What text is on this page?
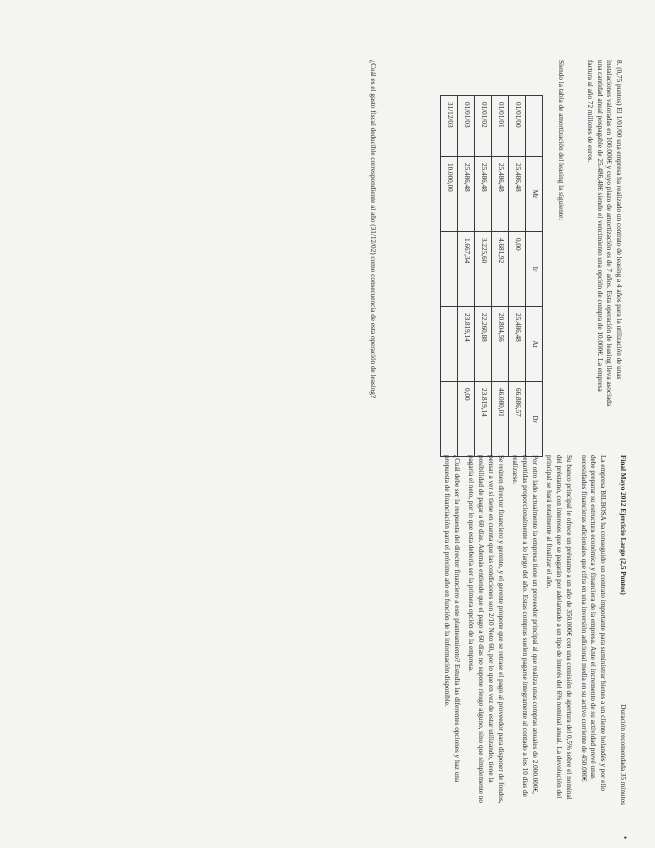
8. (0,75 puntos) El 1/01/00 una empresa ha realizado un contrato de leasing a 4 años para la utilización de unas instalaciones valoradas en 100.000€ y cuyo plazo de amortización es de 7 años. Esta operación de leasing lleva asociada una cantidad anual pospagable de 25.486,48€ siendo el vencimiento una opción de compra de 10.000€. La empresa factura al año 72 millones de euros.

Siendo la tabla de amortización del leasing la siguiente:

	Mr	Ir	At	Dr
01/01/00	25.486,48	0,00	25.486,48	66.886,57
01/01/01	25.486,48	4.681,92	20.804,56	46.080,01
01/01/02	25.486,48	3.225,60	22.260,88	23.819,14
01/01/03	25.486,48	1.667,34	23.819,14	0,00
31/12/03	10.000,00			

¿Cuál es el gasto fiscal deducible correspondiente al año (31/12/02) como consecuencia de esta operación de leasing?

Final Mayo 2012 Ejercicio Largo (2,5 Puntos)
Duración recomendada 35 minutos
•

La empresa BILBOSA ha conseguido un contrato importante para suministrar bienes a un cliente holandés y por ello debe preparar su estructura económica y financiera de la empresa. Ante el incremento de su actividad prevé unas necesidades financieras adicionales que cifra en una inversión adicional media en su activo corriente de 450.000€

Su banco principal le ofrece un préstamo a un año de 350.000€ con una comisión de apertura del 0,5% sobre el nominal del préstamo, con intereses que se pagarán por adelantado a un tipo de interés del 6% nominal anual. La devolución del principal se hará totalmente al finalizar el año.

Por otro lado actualmente la empresa tiene un proveedor principal al que realiza unas compras anuales de 2.000.000€, repartidas proporcionalmente a lo largo del año. Estas compras suelen pagarse íntegramente al contado a los 10 días de realizarse.

Se reúnen director financiero y gerente, y el gerente propone que se retrase el pago al proveedor para disponer de fondos, pensar a ver si tiene en cuenta que las condiciones son 2/10 Neto 60, por lo que en vez de estar utilizando, tiene la posibilidad de pagar a 60 días. Además entiende que el pago a 60 días no supone riesgo alguno, sino que simplemente no pagaría el neto, por lo que esta debería ser la primera opción de la empresa.

¿Cuál debe ser la respuesta del director financiero a este planteamiento? Estudia las diferentes opciones y haz una propuesta de financiación para el próximo año en función de la información disponible.
